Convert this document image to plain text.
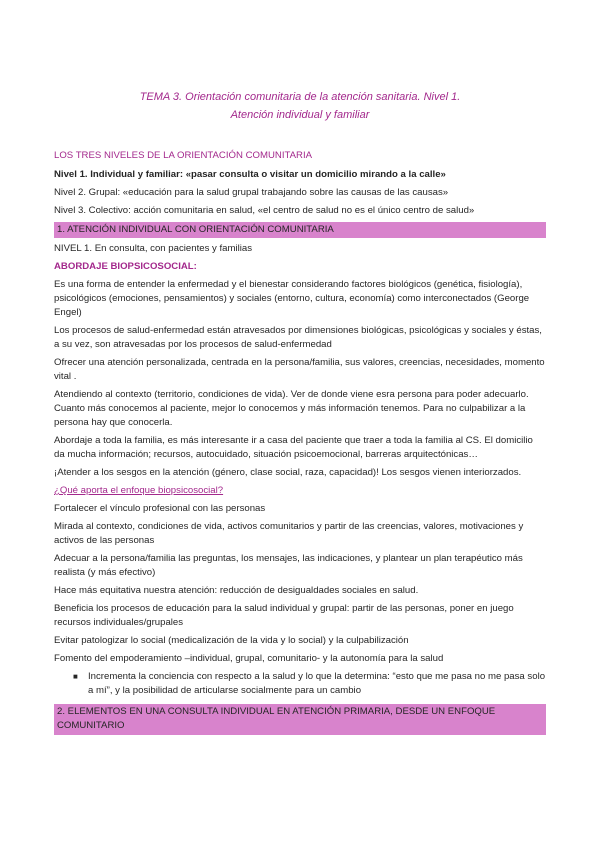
TEMA 3. Orientación comunitaria de la atención sanitaria. Nivel 1.
Atención individual y familiar

LOS TRES NIVELES DE LA ORIENTACIÓN COMUNITARIA

Nivel 1. Individual y familiar: «pasar consulta o visitar un domicilio mirando a la calle»

Nivel 2. Grupal: «educación para la salud grupal trabajando sobre las causas de las causas»

Nivel 3. Colectivo: acción comunitaria en salud, «el centro de salud no es el único centro de salud»

1. ATENCIÓN INDIVIDUAL CON ORIENTACIÓN COMUNITARIA

NIVEL 1. En consulta, con pacientes y familias

ABORDAJE BIOPSICOSOCIAL:

Es una forma de entender la enfermedad y el bienestar considerando factores biológicos (genética, fisiología), psicológicos (emociones, pensamientos) y sociales (entorno, cultura, economía) como interconectados (George Engel)

Los procesos de salud-enfermedad están atravesados por dimensiones biológicas, psicológicas y sociales y éstas, a su vez, son atravesadas por los procesos de salud-enfermedad

Ofrecer una atención personalizada, centrada en la persona/familia, sus valores, creencias, necesidades, momento vital .

Atendiendo al contexto (territorio, condiciones de vida). Ver de donde viene esra persona para poder adecuarlo. Cuanto más conocemos al paciente, mejor lo conocemos y más información tenemos. Para no culpabilizar a la persona hay que conocerla.

Abordaje a toda la familia, es más interesante ir a casa del paciente que traer a toda la familia al CS. El domicilio da mucha información; recursos, autocuidado, situación psicoemocional, barreras arquitectónicas…

¡Atender a los sesgos en la atención (género, clase social, raza, capacidad)! Los sesgos vienen interiorzados.

¿Qué aporta el enfoque biopsicosocial?

Fortalecer el vínculo profesional con las personas

Mirada al contexto, condiciones de vida, activos comunitarios y partir de las creencias, valores, motivaciones y activos de las personas

Adecuar a la persona/familia las preguntas, los mensajes, las indicaciones, y plantear un plan terapéutico más realista (y más efectivo)

Hace más equitativa nuestra atención: reducción de desigualdades sociales en salud.

Beneficia los procesos de educación para la salud individual y grupal: partir de las personas, poner en juego recursos individuales/grupales

Evitar patologizar lo social (medicalización de la vida y lo social) y la culpabilización

Fomento del empoderamiento –individual, grupal, comunitario- y la autonomía para la salud

■ Incrementa la conciencia con respecto a la salud y lo que la determina: “esto que me pasa no me pasa solo a mí”, y la posibilidad de articularse socialmente para un cambio
2. ELEMENTOS EN UNA CONSULTA INDIVIDUAL EN ATENCIÓN PRIMARIA, DESDE UN ENFOQUE COMUNITARIO
